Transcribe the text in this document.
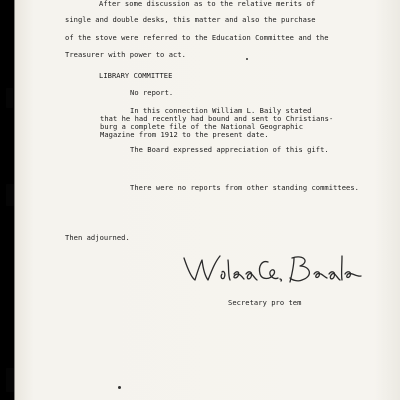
After some discussion as to the relative merits of
single and double desks, this matter and also the purchase
of the stove were referred to the Education Committee and the
Treasurer with power to act.
LIBRARY COMMITTEE
No report.
In this connection William L. Baily stated
that he had recently had bound and sent to Christians-
burg a complete file of the National Geographic
Magazine from 1912 to the present date.
The Board expressed appreciation of this gift.
There were no reports from other standing committees.
Then adjourned.
Secretary pro tem
